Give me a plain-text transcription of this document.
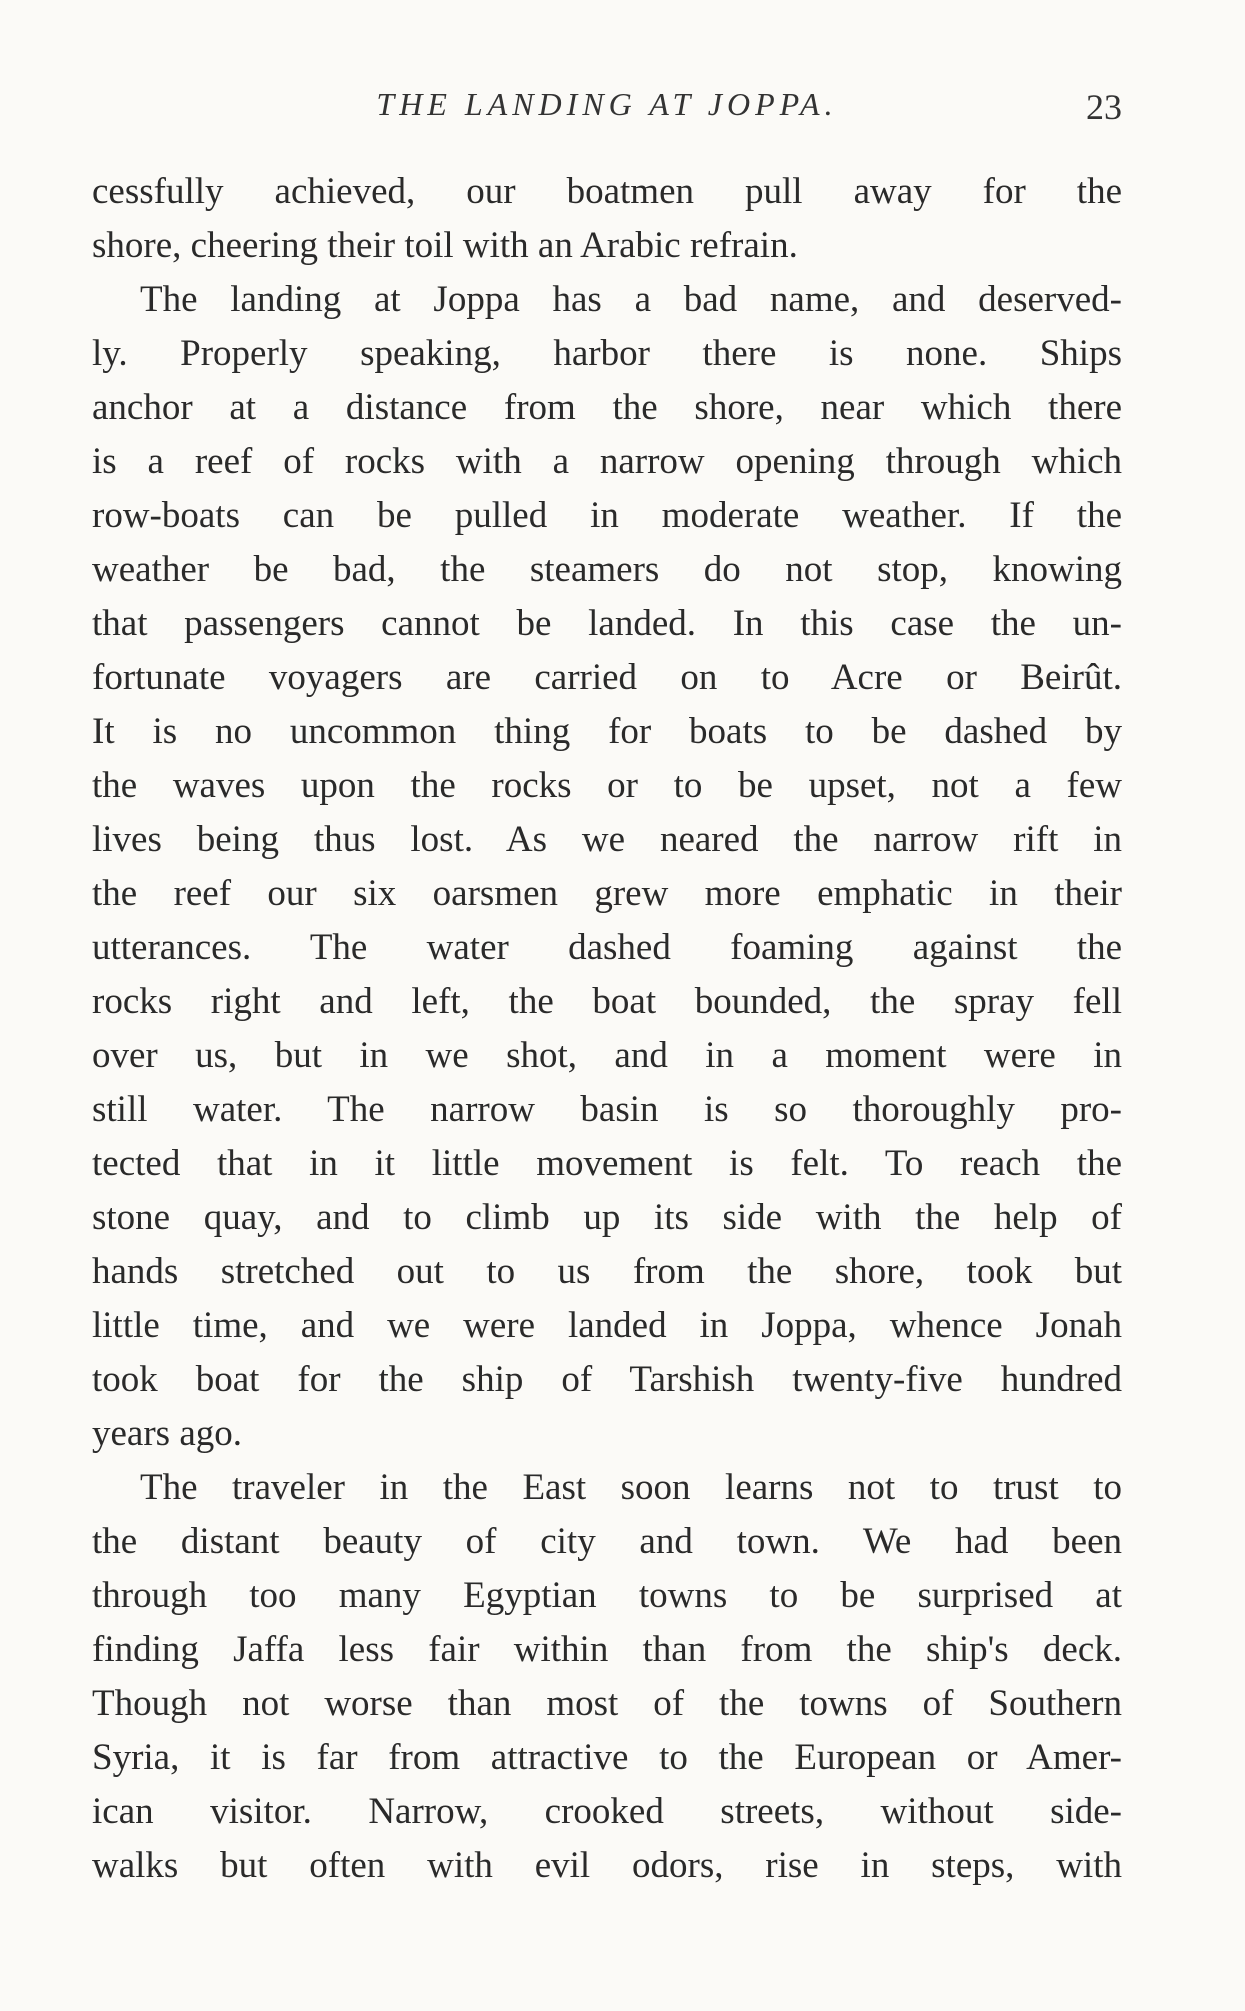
THE LANDING AT JOPPA.	23
cessfully achieved, our boatmen pull away for the
shore, cheering their toil with an Arabic refrain.
The landing at Joppa has a bad name, and deserved-
ly. Properly speaking, harbor there is none. Ships
anchor at a distance from the shore, near which there
is a reef of rocks with a narrow opening through which
row-boats can be pulled in moderate weather. If the
weather be bad, the steamers do not stop, knowing
that passengers cannot be landed. In this case the un-
fortunate voyagers are carried on to Acre or Beirût.
It is no uncommon thing for boats to be dashed by
the waves upon the rocks or to be upset, not a few
lives being thus lost. As we neared the narrow rift in
the reef our six oarsmen grew more emphatic in their
utterances. The water dashed foaming against the
rocks right and left, the boat bounded, the spray fell
over us, but in we shot, and in a moment were in
still water. The narrow basin is so thoroughly pro-
tected that in it little movement is felt. To reach the
stone quay, and to climb up its side with the help of
hands stretched out to us from the shore, took but
little time, and we were landed in Joppa, whence Jonah
took boat for the ship of Tarshish twenty-five hundred
years ago.
The traveler in the East soon learns not to trust to
the distant beauty of city and town. We had been
through too many Egyptian towns to be surprised at
finding Jaffa less fair within than from the ship's deck.
Though not worse than most of the towns of Southern
Syria, it is far from attractive to the European or Amer-
ican visitor. Narrow, crooked streets, without side-
walks but often with evil odors, rise in steps, with
